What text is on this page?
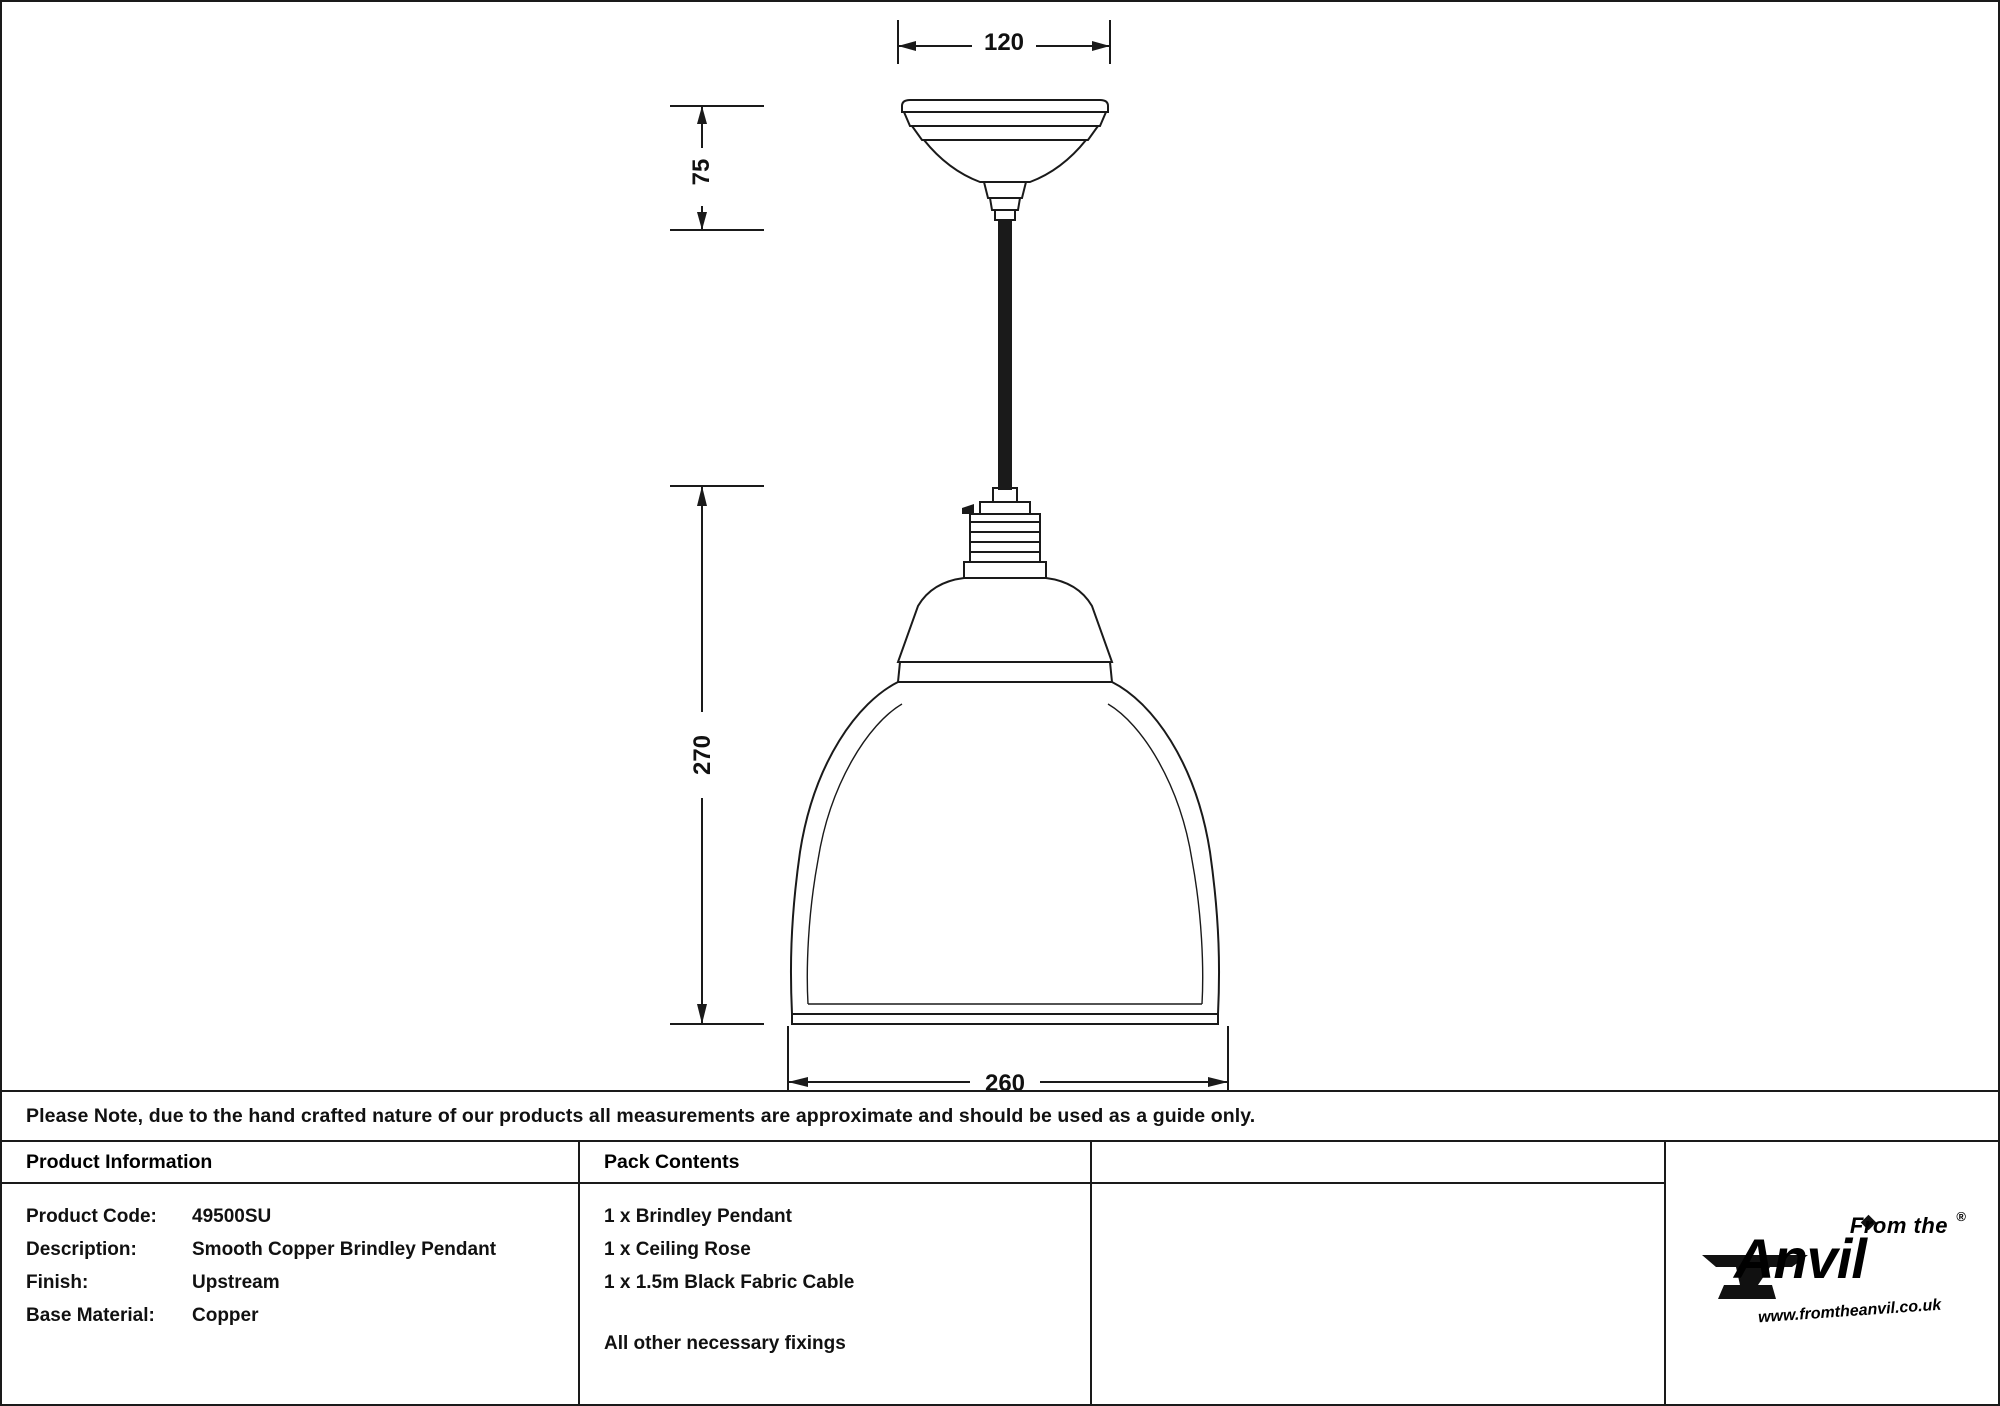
120
75
270
260
Please Note, due to the hand crafted nature of our products all measurements are approximate and should be used as a guide only.
Product Information
Product Code:	49500SU
Description:	Smooth Copper Brindley Pendant
Finish:	Upstream
Base Material:	Copper
Pack Contents
1 x Brindley Pendant
1 x Ceiling Rose
1 x 1.5m Black Fabric Cable
All other necessary fixings
From the ®
Anvil
www.fromtheanvil.co.uk
